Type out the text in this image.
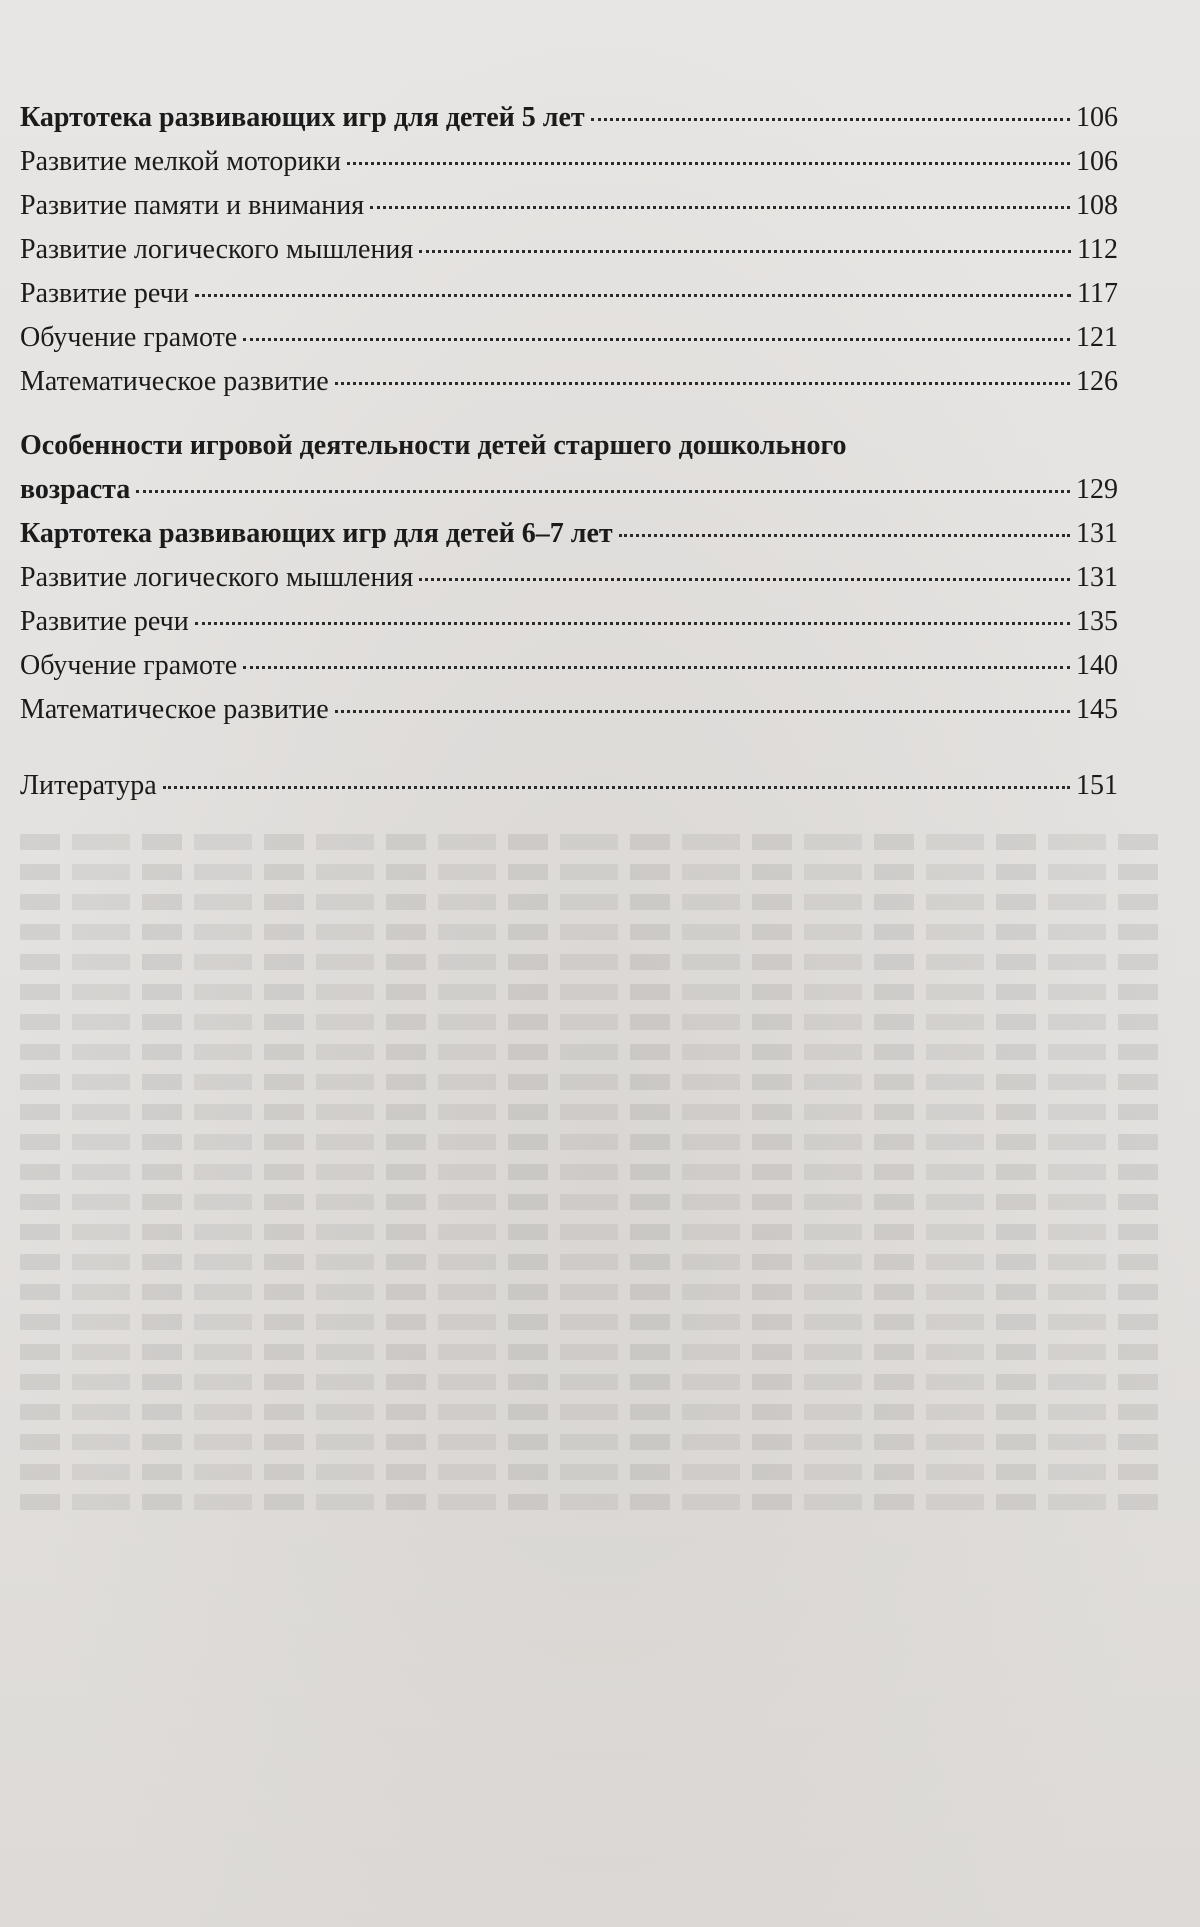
Картотека развивающих игр для детей 5 лет	106
Развитие мелкой моторики	106
Развитие памяти и внимания	108
Развитие логического мышления	112
Развитие речи	117
Обучение грамоте	121
Математическое развитие	126
Особенности игровой деятельности детей старшего дошкольного
возраста	129
Картотека развивающих игр для детей 6–7 лет	131
Развитие логического мышления	131
Развитие речи	135
Обучение грамоте	140
Математическое развитие	145
Литература	151
